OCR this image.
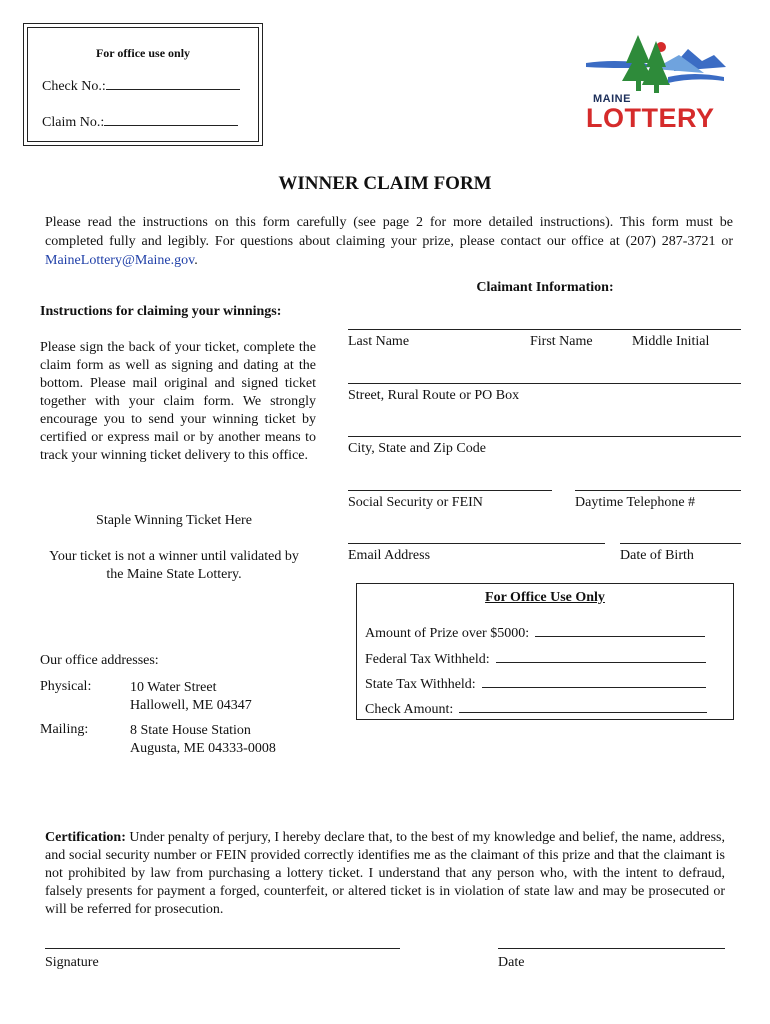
For office use only
Check No.:
Claim No.:
MAINE
LOTTERY
WINNER CLAIM FORM
Please read the instructions on this form carefully (see page 2 for more detailed instructions). This form must be completed fully and legibly. For questions about claiming your prize, please contact our office at (207) 287-3721 or MaineLottery@Maine.gov.
Claimant Information:
Instructions for claiming your winnings:
Please sign the back of your ticket, complete the claim form as well as signing and dating at the bottom. Please mail original and signed ticket together with your claim form. We strongly encourage you to send your winning ticket by certified or express mail or by another means to track your winning ticket delivery to this office.
Last Name	First Name	Middle Initial
Street, Rural Route or PO Box
City, State and Zip Code
Social Security or FEIN	Daytime Telephone #
Email Address	Date of Birth
Staple Winning Ticket Here
Your ticket is not a winner until validated by the Maine State Lottery.
For Office Use Only
Amount of Prize over $5000:
Federal Tax Withheld:
State Tax Withheld:
Check Amount:
Our office addresses:
Physical:	10 Water Street
Hallowell, ME 04347
Mailing:	8 State House Station
Augusta, ME 04333-0008
Certification: Under penalty of perjury, I hereby declare that, to the best of my knowledge and belief, the name, address, and social security number or FEIN provided correctly identifies me as the claimant of this prize and that the claimant is not prohibited by law from purchasing a lottery ticket. I understand that any person who, with the intent to defraud, falsely presents for payment a forged, counterfeit, or altered ticket is in violation of state law and may be prosecuted or will be referred for prosecution.
Signature	Date
